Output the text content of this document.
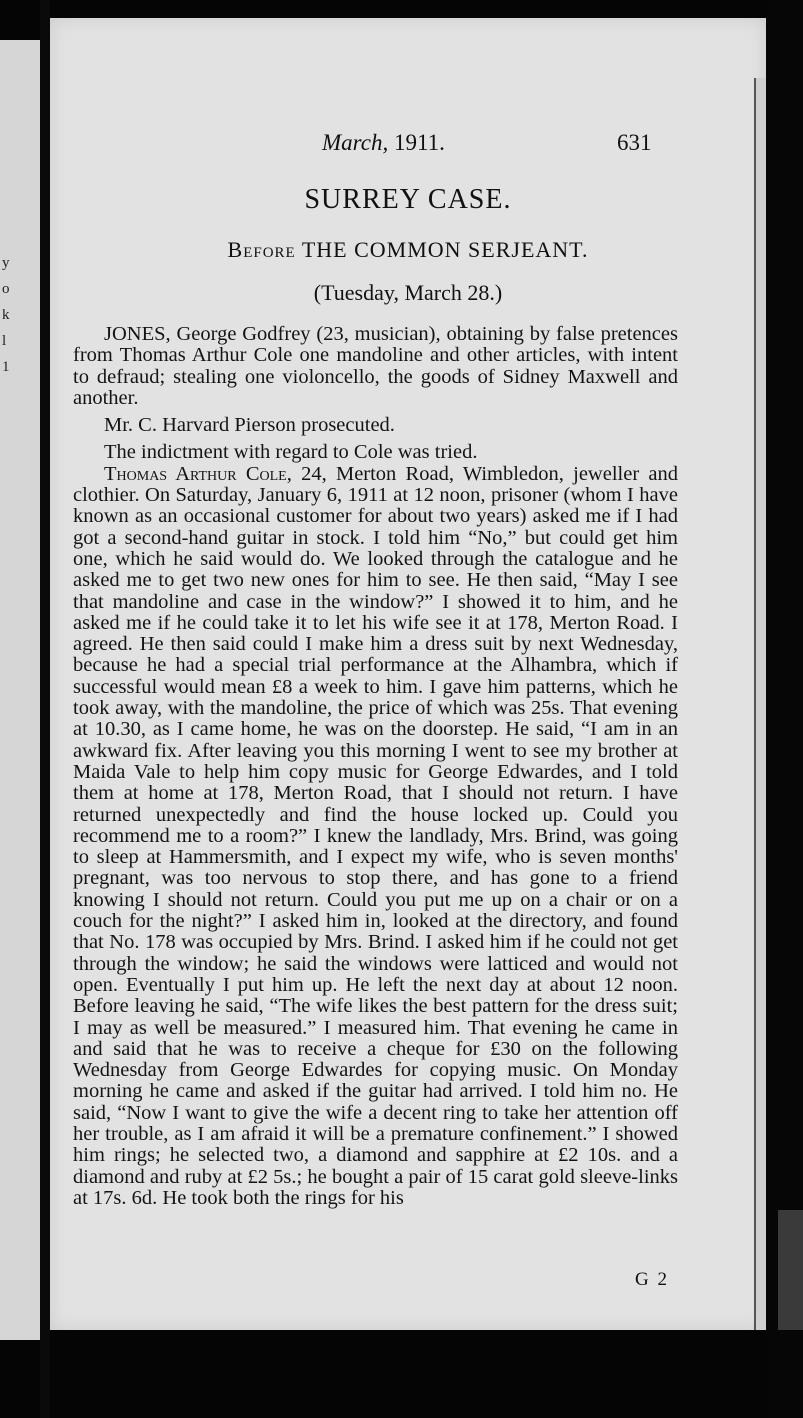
y
o
k
l
1
March, 1911.	631
SURREY CASE.
Before THE COMMON SERJEANT.
(Tuesday, March 28.)

JONES, George Godfrey (23, musician), obtaining by false pretences from Thomas Arthur Cole one mandoline and other articles, with intent to defraud; stealing one violoncello, the goods of Sidney Maxwell and another.

Mr. C. Harvard Pierson prosecuted.

The indictment with regard to Cole was tried.

Thomas Arthur Cole, 24, Merton Road, Wimbledon, jeweller and clothier. On Saturday, January 6, 1911 at 12 noon, prisoner (whom I have known as an occasional customer for about two years) asked me if I had got a second-hand guitar in stock. I told him “No,” but could get him one, which he said would do. We looked through the catalogue and he asked me to get two new ones for him to see. He then said, “May I see that mandoline and case in the window?” I showed it to him, and he asked me if he could take it to let his wife see it at 178, Merton Road. I agreed. He then said could I make him a dress suit by next Wednesday, because he had a special trial performance at the Alhambra, which if successful would mean £8 a week to him. I gave him patterns, which he took away, with the mandoline, the price of which was 25s. That evening at 10.30, as I came home, he was on the doorstep. He said, “I am in an awkward fix. After leaving you this morning I went to see my brother at Maida Vale to help him copy music for George Edwardes, and I told them at home at 178, Merton Road, that I should not return. I have returned unexpectedly and find the house locked up. Could you recommend me to a room?” I knew the landlady, Mrs. Brind, was going to sleep at Hammersmith, and I expect my wife, who is seven months' pregnant, was too nervous to stop there, and has gone to a friend knowing I should not return. Could you put me up on a chair or on a couch for the night?” I asked him in, looked at the directory, and found that No. 178 was occupied by Mrs. Brind. I asked him if he could not get through the window; he said the windows were latticed and would not open. Eventually I put him up. He left the next day at about 12 noon. Before leaving he said, “The wife likes the best pattern for the dress suit; I may as well be measured.” I measured him. That evening he came in and said that he was to receive a cheque for £30 on the following Wednesday from George Edwardes for copying music. On Monday morning he came and asked if the guitar had arrived. I told him no. He said, “Now I want to give the wife a decent ring to take her attention off her trouble, as I am afraid it will be a premature confinement.” I showed him rings; he selected two, a diamond and sapphire at £2 10s. and a diamond and ruby at £2 5s.; he bought a pair of 15 carat gold sleeve-links at 17s. 6d. He took both the rings for his

G 2
